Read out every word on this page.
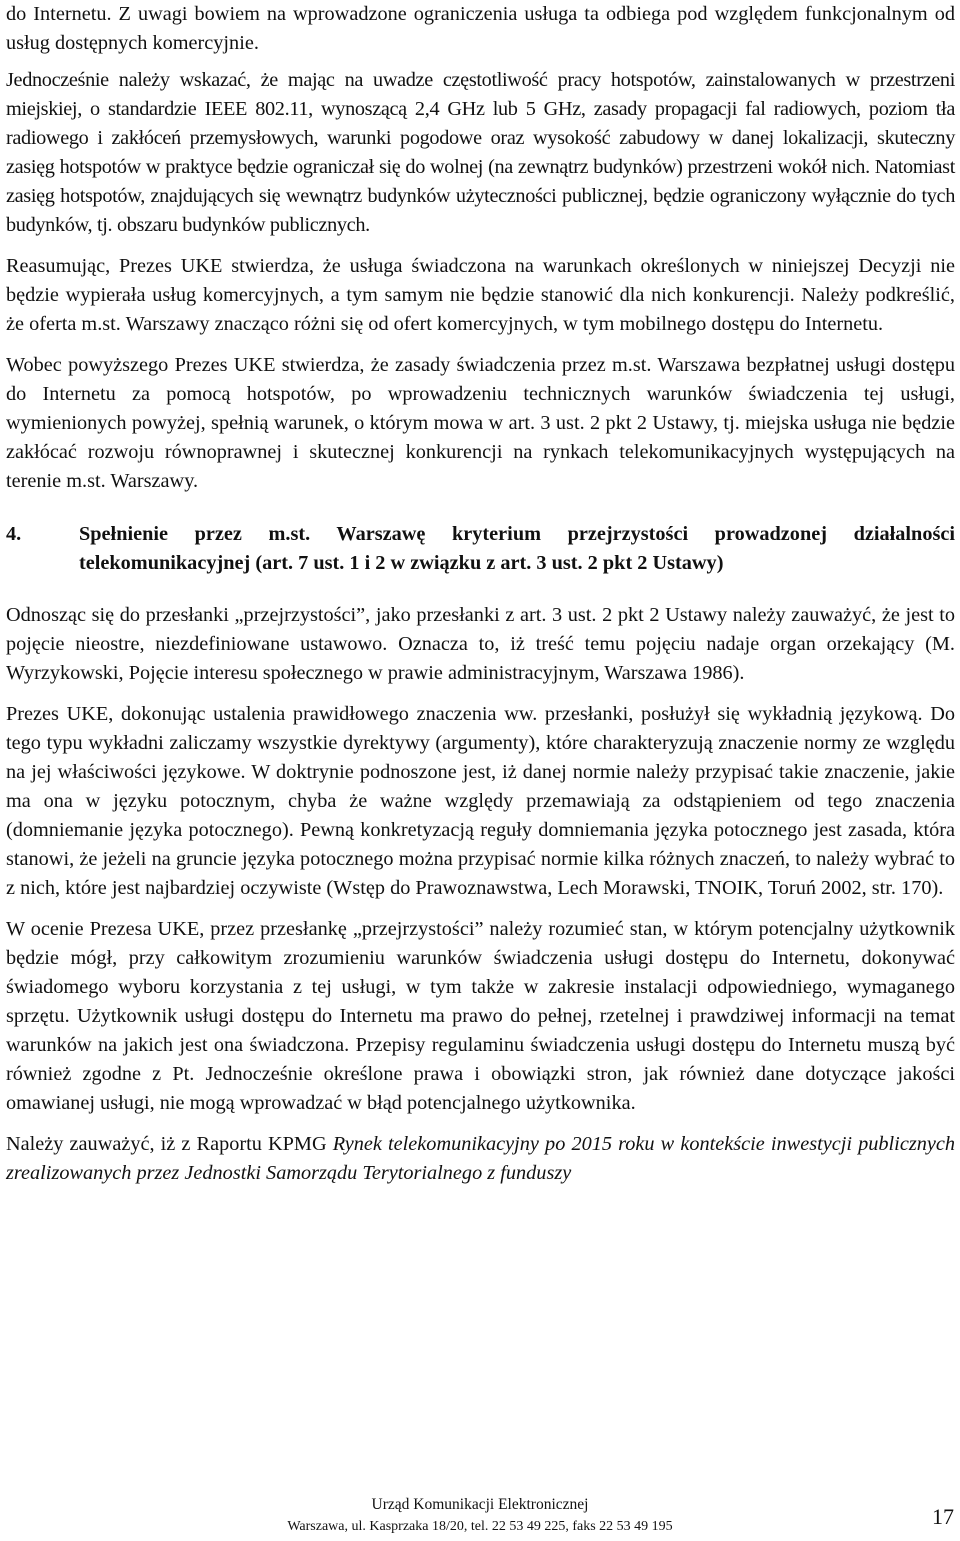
do Internetu. Z uwagi bowiem na wprowadzone ograniczenia usługa ta odbiega pod względem funkcjonalnym od usług dostępnych komercyjnie.

Jednocześnie należy wskazać, że mając na uwadze częstotliwość pracy hotspotów, zainstalowanych w przestrzeni miejskiej, o standardzie IEEE 802.11, wynoszącą 2,4 GHz lub 5 GHz, zasady propagacji fal radiowych, poziom tła radiowego i zakłóceń przemysłowych, warunki pogodowe oraz wysokość zabudowy w danej lokalizacji, skuteczny zasięg hotspotów w praktyce będzie ograniczał się do wolnej (na zewnątrz budynków) przestrzeni wokół nich. Natomiast zasięg hotspotów, znajdujących się wewnątrz budynków użyteczności publicznej, będzie ograniczony wyłącznie do tych budynków, tj. obszaru budynków publicznych.

Reasumując, Prezes UKE stwierdza, że usługa świadczona na warunkach określonych w niniejszej Decyzji nie będzie wypierała usług komercyjnych, a tym samym nie będzie stanowić dla nich konkurencji. Należy podkreślić, że oferta m.st. Warszawy znacząco różni się od ofert komercyjnych, w tym mobilnego dostępu do Internetu.

Wobec powyższego Prezes UKE stwierdza, że zasady świadczenia przez m.st. Warszawa bezpłatnej usługi dostępu do Internetu za pomocą hotspotów, po wprowadzeniu technicznych warunków świadczenia tej usługi, wymienionych powyżej, spełnią warunek, o którym mowa w art. 3 ust. 2 pkt 2 Ustawy, tj. miejska usługa nie będzie zakłócać rozwoju równoprawnej i skutecznej konkurencji na rynkach telekomunikacyjnych występujących na terenie m.st. Warszawy.

4.	Spełnienie przez m.st. Warszawę kryterium przejrzystości prowadzonej działalności telekomunikacyjnej (art. 7 ust. 1 i 2 w związku z art. 3 ust. 2 pkt 2 Ustawy)

Odnosząc się do przesłanki „przejrzystości”, jako przesłanki z art. 3 ust. 2 pkt 2 Ustawy należy zauważyć, że jest to pojęcie nieostre, niezdefiniowane ustawowo. Oznacza to, iż treść temu pojęciu nadaje organ orzekający (M. Wyrzykowski, Pojęcie interesu społecznego w prawie administracyjnym, Warszawa 1986).

Prezes UKE, dokonując ustalenia prawidłowego znaczenia ww. przesłanki, posłużył się wykładnią językową. Do tego typu wykładni zaliczamy wszystkie dyrektywy (argumenty), które charakteryzują znaczenie normy ze względu na jej właściwości językowe. W doktrynie podnoszone jest, iż danej normie należy przypisać takie znaczenie, jakie ma ona w języku potocznym, chyba że ważne względy przemawiają za odstąpieniem od tego znaczenia (domniemanie języka potocznego). Pewną konkretyzacją reguły domniemania języka potocznego jest zasada, która stanowi, że jeżeli na gruncie języka potocznego można przypisać normie kilka różnych znaczeń, to należy wybrać to z nich, które jest najbardziej oczywiste (Wstęp do Prawoznawstwa, Lech Morawski, TNOIK, Toruń 2002, str. 170).

W ocenie Prezesa UKE, przez przesłankę „przejrzystości” należy rozumieć stan, w którym potencjalny użytkownik będzie mógł, przy całkowitym zrozumieniu warunków świadczenia usługi dostępu do Internetu, dokonywać świadomego wyboru korzystania z tej usługi, w tym także w zakresie instalacji odpowiedniego, wymaganego sprzętu. Użytkownik usługi dostępu do Internetu ma prawo do pełnej, rzetelnej i prawdziwej informacji na temat warunków na jakich jest ona świadczona. Przepisy regulaminu świadczenia usługi dostępu do Internetu muszą być również zgodne z Pt. Jednocześnie określone prawa i obowiązki stron, jak również dane dotyczące jakości omawianej usługi, nie mogą wprowadzać w błąd potencjalnego użytkownika.

Należy zauważyć, iż z Raportu KPMG Rynek telekomunikacyjny po 2015 roku w kontekście inwestycji publicznych zrealizowanych przez Jednostki Samorządu Terytorialnego z funduszy

Urząd Komunikacji Elektronicznej
Warszawa, ul. Kasprzaka 18/20, tel. 22 53 49 225, faks 22 53 49 195	17
